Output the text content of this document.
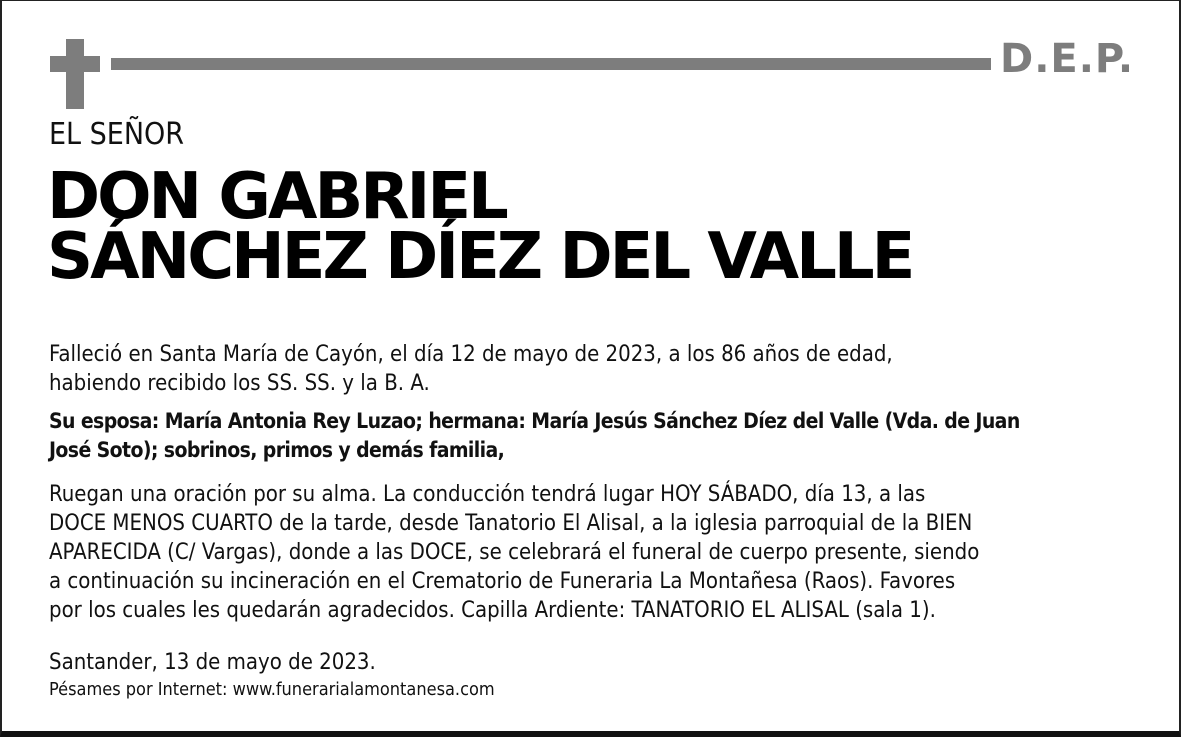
D.E.P.
EL SEÑOR
DON GABRIEL
SÁNCHEZ DÍEZ DEL VALLE
Falleció en Santa María de Cayón, el día 12 de mayo de 2023, a los 86 años de edad,
habiendo recibido los SS. SS. y la B. A.
Su esposa: María Antonia Rey Luzao; hermana: María Jesús Sánchez Díez del Valle (Vda. de Juan
José Soto); sobrinos, primos y demás familia,
Ruegan una oración por su alma. La conducción tendrá lugar HOY SÁBADO, día 13, a las
DOCE MENOS CUARTO de la tarde, desde Tanatorio El Alisal, a la iglesia parroquial de la BIEN
APARECIDA (C/ Vargas), donde a las DOCE, se celebrará el funeral de cuerpo presente, siendo
a continuación su incineración en el Crematorio de Funeraria La Montañesa (Raos). Favores
por los cuales les quedarán agradecidos. Capilla Ardiente: TANATORIO EL ALISAL (sala 1).
Santander, 13 de mayo de 2023.
Pésames por Internet: www.funerarialamontanesa.com
